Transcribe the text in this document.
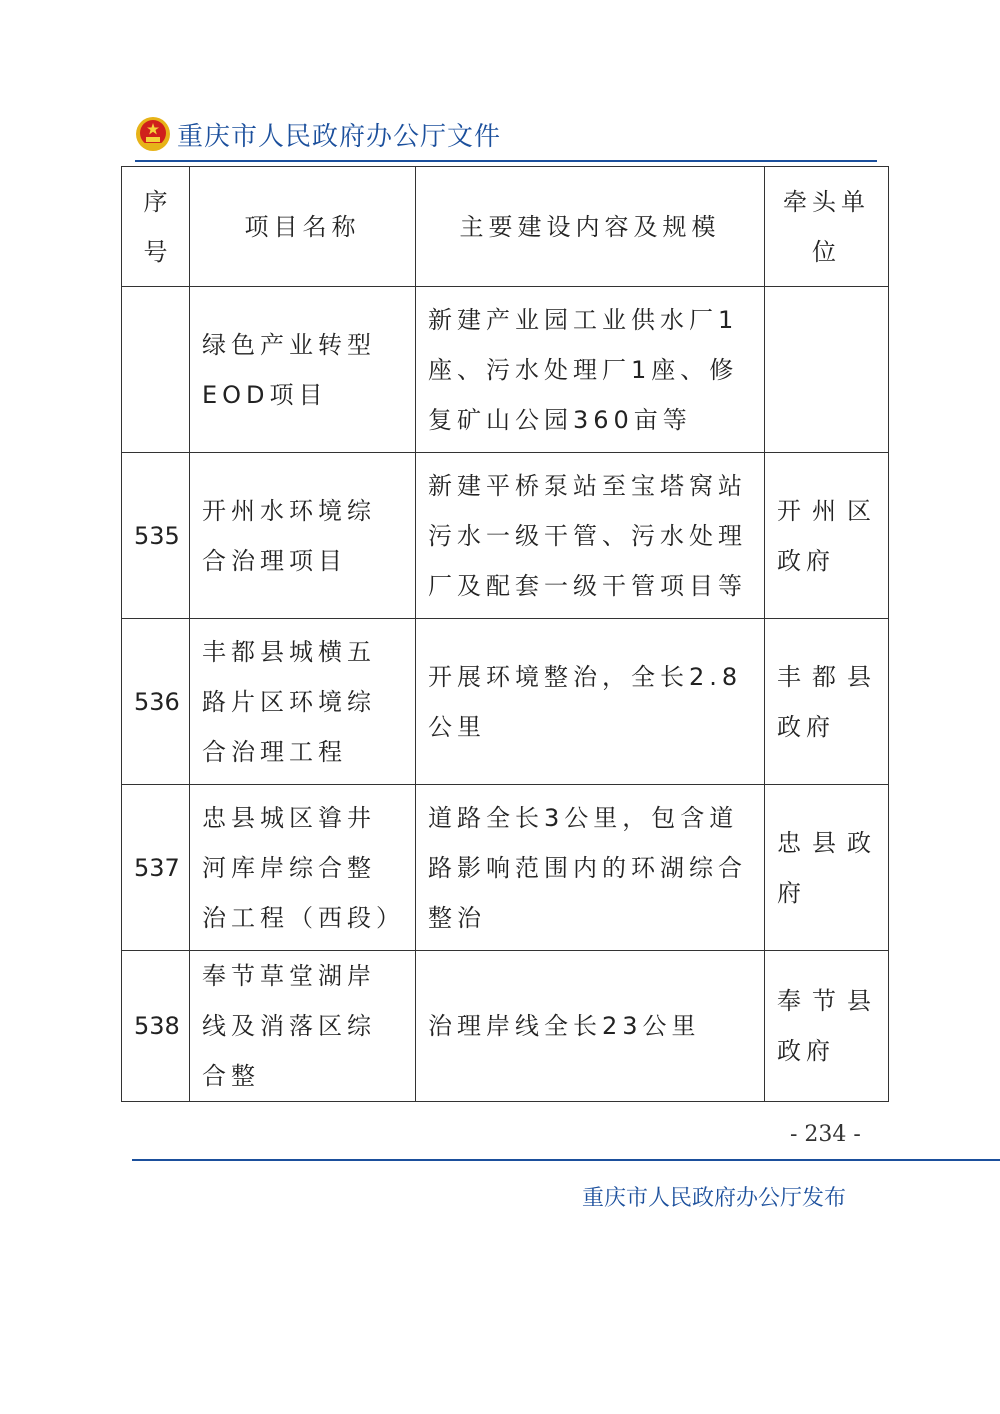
重庆市人民政府办公厅文件
序号	项目名称	主要建设内容及规模	牵头单位
	绿色产业转型EOD项目	新建产业园工业供水厂1座、污水处理厂1座、修复矿山公园360亩等	
535	开州水环境综合治理项目	新建平桥泵站至宝塔窝站污水一级干管、污水处理厂及配套一级干管项目等	开州区政府
536	丰都县城横五路片区环境综合治理工程	开展环境整治，全长2.8公里	丰都县政府
537	忠县城区㽏井河库岸综合整治工程（西段）	道路全长3公里，包含道路影响范围内的环湖综合整治	忠县政府
538	奉节草堂湖岸线及消落区综合整	治理岸线全长23公里	奉节县政府
- 234 -
重庆市人民政府办公厅发布
